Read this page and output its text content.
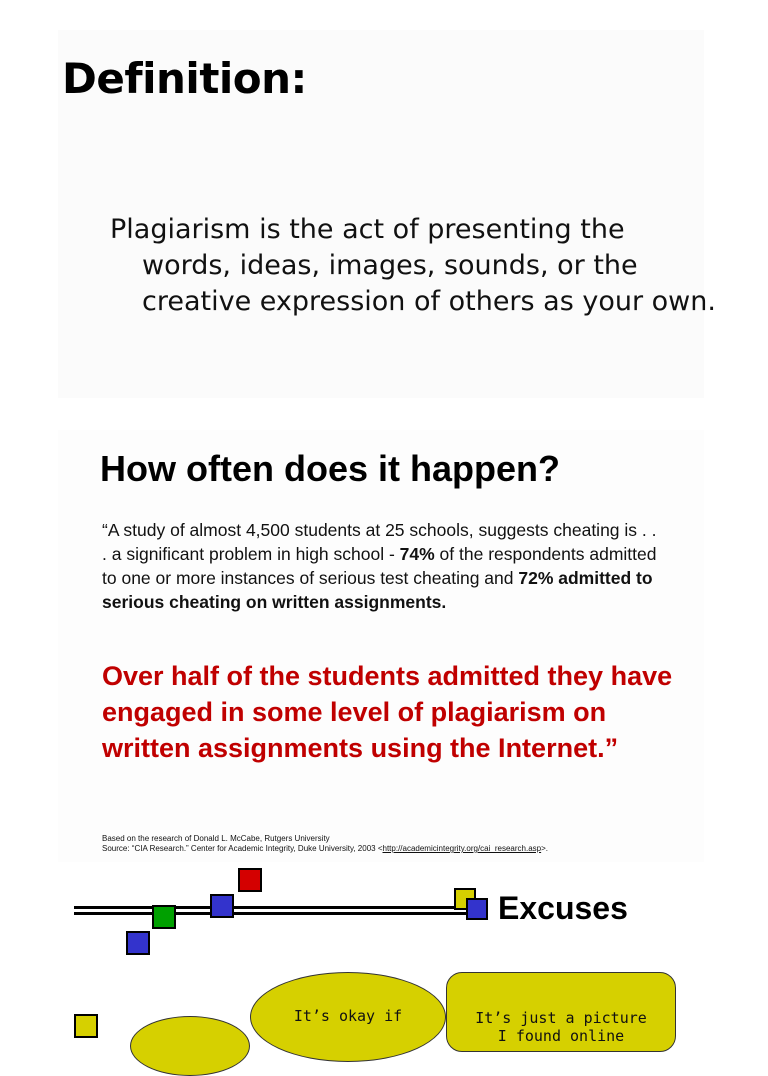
Definition:
Plagiarism is the act of presenting the words, ideas, images, sounds, or the creative expression of others as your own.
How often does it happen?
“A study of almost 4,500 students at 25 schools, suggests cheating is . . . a significant problem in high school - 74% of the respondents admitted to one or more instances of serious test cheating and 72% admitted to serious cheating on written assignments.
Over half of the students admitted they have engaged in some level of plagiarism on written assignments using the Internet.”
Based on the research of Donald L. McCabe, Rutgers University
Source: “CIA Research.” Center for Academic Integrity, Duke University, 2003 <http://academicintegrity.org/cai_research.asp>.
Excuses
It’s okay if	It’s just a picture
I found online
